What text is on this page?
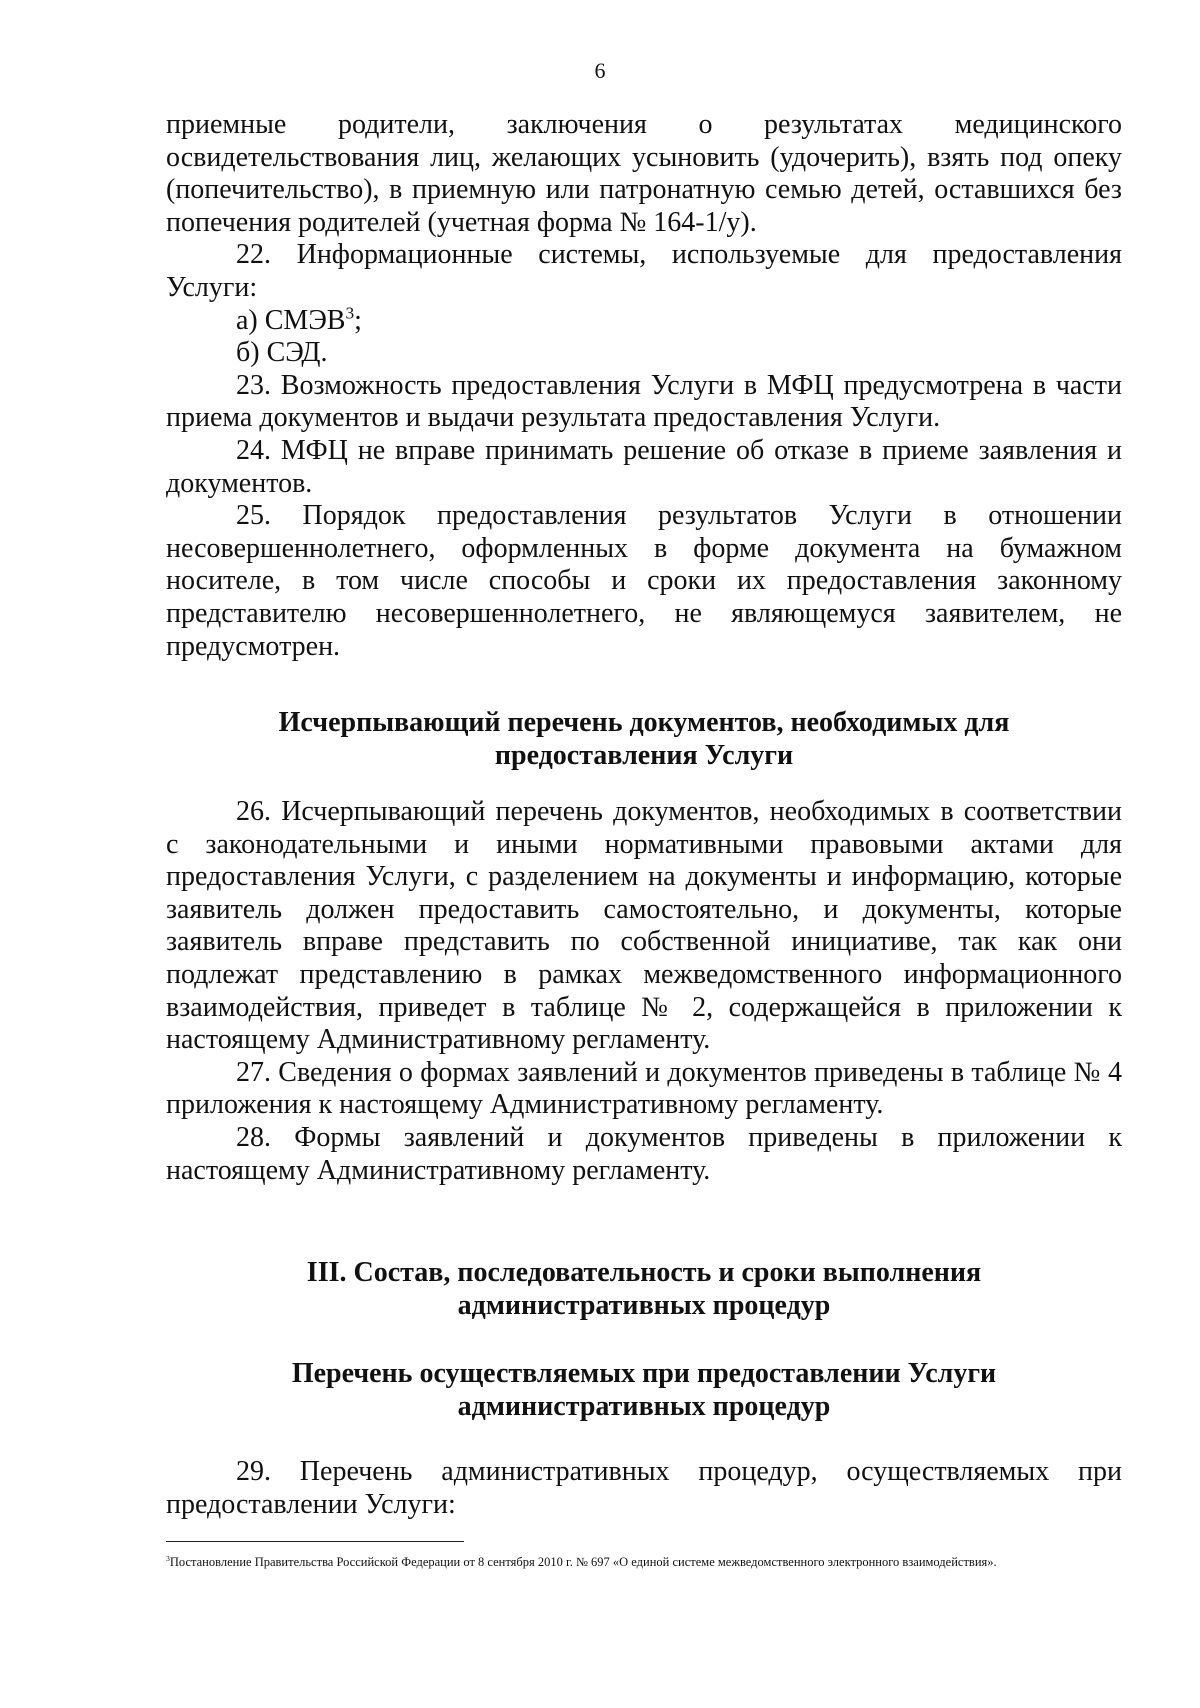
6

приемные родители, заключения о результатах медицинского освидетельствования лиц, желающих усыновить (удочерить), взять под опеку (попечительство), в приемную или патронатную семью детей, оставшихся без попечения родителей (учетная форма № 164-1/у).

22. Информационные системы, используемые для предоставления Услуги:

а) СМЭВ$^3$;

б) СЭД.

23. Возможность предоставления Услуги в МФЦ предусмотрена в части приема документов и выдачи результата предоставления Услуги.

24. МФЦ не вправе принимать решение об отказе в приеме заявления и документов.

25. Порядок предоставления результатов Услуги в отношении несовершеннолетнего, оформленных в форме документа на бумажном носителе, в том числе способы и сроки их предоставления законному представителю несовершеннолетнего, не являющемуся заявителем, не предусмотрен.

Исчерпывающий перечень документов, необходимых для предоставления Услуги

26. Исчерпывающий перечень документов, необходимых в соответствии с законодательными и иными нормативными правовыми актами для предоставления Услуги, с разделением на документы и информацию, которые заявитель должен предоставить самостоятельно, и документы, которые заявитель вправе представить по собственной инициативе, так как они подлежат представлению в рамках межведомственного информационного взаимодействия, приведет в таблице № 2, содержащейся в приложении к настоящему Административному регламенту.

27. Сведения о формах заявлений и документов приведены в таблице № 4 приложения к настоящему Административному регламенту.

28. Формы заявлений и документов приведены в приложении к настоящему Административному регламенту.

III. Состав, последовательность и сроки выполнения административных процедур

Перечень осуществляемых при предоставлении Услуги административных процедур

29. Перечень административных процедур, осуществляемых при предоставлении Услуги:

$^3$Постановление Правительства Российской Федерации от 8 сентября 2010 г. № 697 «О единой системе межведомственного электронного взаимодействия».
